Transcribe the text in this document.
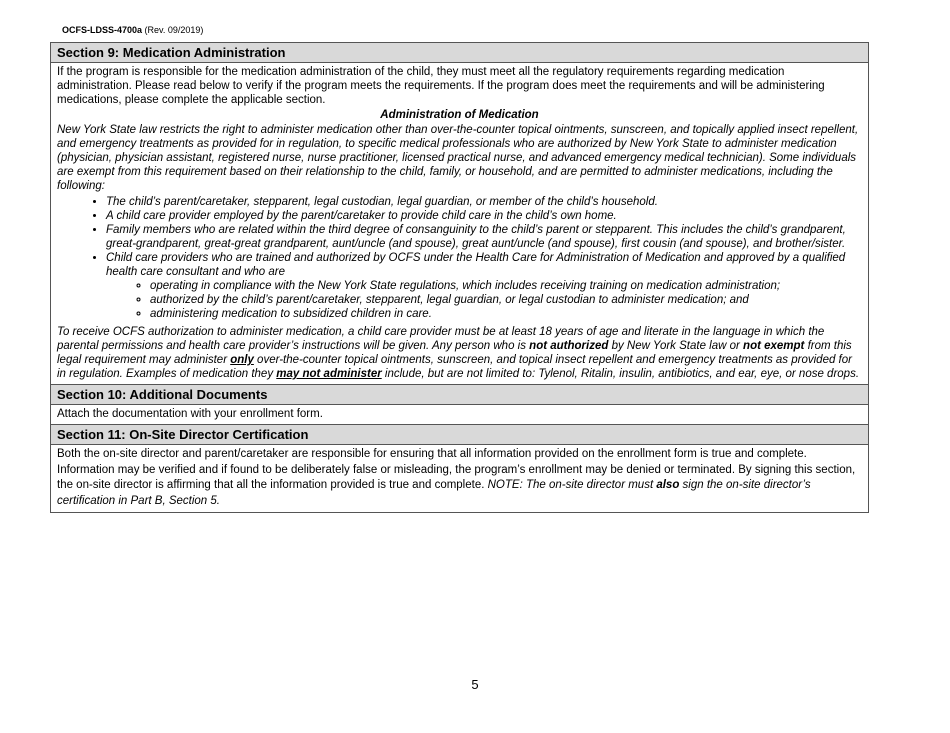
OCFS-LDSS-4700a (Rev. 09/2019)
Section 9: Medication Administration
If the program is responsible for the medication administration of the child, they must meet all the regulatory requirements regarding medication administration. Please read below to verify if the program meets the requirements. If the program does meet the requirements and will be administering medications, please complete the applicable section.
Administration of Medication
New York State law restricts the right to administer medication other than over-the-counter topical ointments, sunscreen, and topically applied insect repellent, and emergency treatments as provided for in regulation, to specific medical professionals who are authorized by New York State to administer medication (physician, physician assistant, registered nurse, nurse practitioner, licensed practical nurse, and advanced emergency medical technician). Some individuals are exempt from this requirement based on their relationship to the child, family, or household, and are permitted to administer medications, including the following:
• The child’s parent/caretaker, stepparent, legal custodian, legal guardian, or member of the child’s household.
• A child care provider employed by the parent/caretaker to provide child care in the child’s own home.
• Family members who are related within the third degree of consanguinity to the child’s parent or stepparent. This includes the child’s grandparent, great-grandparent, great-great grandparent, aunt/uncle (and spouse), great aunt/uncle (and spouse), first cousin (and spouse), and brother/sister.
• Child care providers who are trained and authorized by OCFS under the Health Care for Administration of Medication and approved by a qualified health care consultant and who are
◦ operating in compliance with the New York State regulations, which includes receiving training on medication administration;
◦ authorized by the child’s parent/caretaker, stepparent, legal guardian, or legal custodian to administer medication; and
◦ administering medication to subsidized children in care.
To receive OCFS authorization to administer medication, a child care provider must be at least 18 years of age and literate in the language in which the parental permissions and health care provider’s instructions will be given. Any person who is not authorized by New York State law or not exempt from this legal requirement may administer only over-the-counter topical ointments, sunscreen, and topical insect repellent and emergency treatments as provided for in regulation. Examples of medication they may not administer include, but are not limited to: Tylenol, Ritalin, insulin, antibiotics, and ear, eye, or nose drops.
Section 10: Additional Documents
Attach the documentation with your enrollment form.
Section 11: On-Site Director Certification
Both the on-site director and parent/caretaker are responsible for ensuring that all information provided on the enrollment form is true and complete. Information may be verified and if found to be deliberately false or misleading, the program’s enrollment may be denied or terminated. By signing this section, the on-site director is affirming that all the information provided is true and complete. NOTE: The on-site director must also sign the on-site director’s certification in Part B, Section 5.
5
